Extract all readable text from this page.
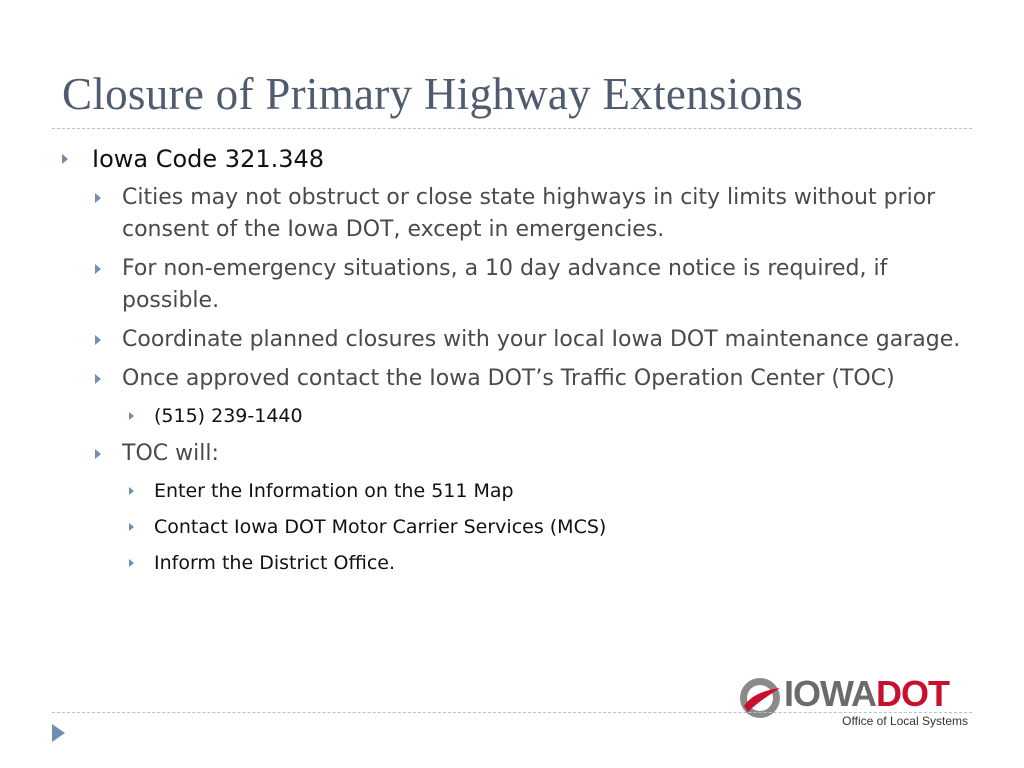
Closure of Primary Highway Extensions
Iowa Code 321.348
Cities may not obstruct or close state highways in city limits without prior consent of the Iowa DOT, except in emergencies.
For non-emergency situations, a 10 day advance notice is required, if possible.
Coordinate planned closures with your local Iowa DOT maintenance garage.
Once approved contact the Iowa DOT’s Traffic Operation Center (TOC)
(515) 239-1440
TOC will:
Enter the Information on the 511 Map
Contact Iowa DOT Motor Carrier Services (MCS)
Inform the District Office.
IOWADOT
Office of Local Systems
